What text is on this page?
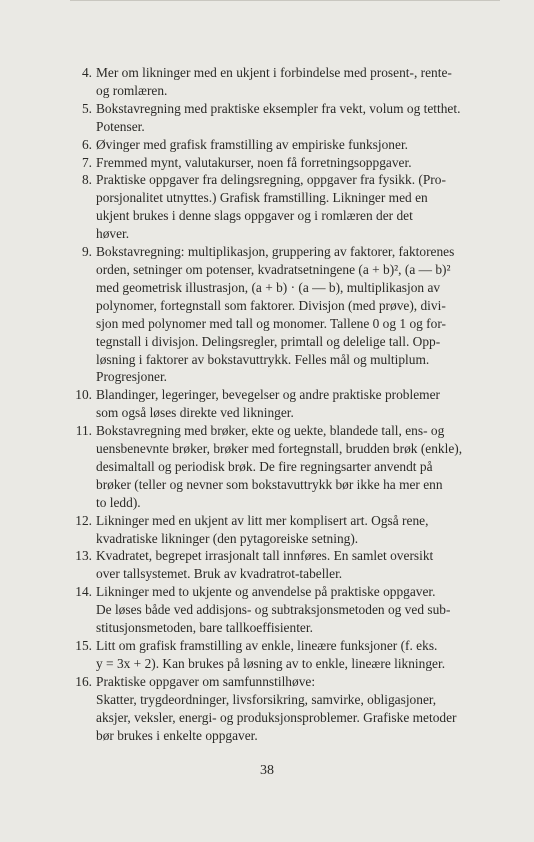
4. Mer om likninger med en ukjent i forbindelse med prosent-, rente-
og romlæren.
5. Bokstavregning med praktiske eksempler fra vekt, volum og tetthet.
Potenser.
6. Øvinger med grafisk framstilling av empiriske funksjoner.
7. Fremmed mynt, valutakurser, noen få forretningsoppgaver.
8. Praktiske oppgaver fra delingsregning, oppgaver fra fysikk. (Pro-
porsjonalitet utnyttes.) Grafisk framstilling. Likninger med en
ukjent brukes i denne slags oppgaver og i romlæren der det
høver.
9. Bokstavregning: multiplikasjon, gruppering av faktorer, faktorenes
orden, setninger om potenser, kvadratsetningene (a + b)², (a — b)²
med geometrisk illustrasjon, (a + b) · (a — b), multiplikasjon av
polynomer, fortegnstall som faktorer. Divisjon (med prøve), divi-
sjon med polynomer med tall og monomer. Tallene 0 og 1 og for-
tegnstall i divisjon. Delingsregler, primtall og delelige tall. Opp-
løsning i faktorer av bokstavuttrykk. Felles mål og multiplum.
Progresjoner.
10. Blandinger, legeringer, bevegelser og andre praktiske problemer
som også løses direkte ved likninger.
11. Bokstavregning med brøker, ekte og uekte, blandede tall, ens- og
uensbenevnte brøker, brøker med fortegnstall, brudden brøk (enkle),
desimaltall og periodisk brøk. De fire regningsarter anvendt på
brøker (teller og nevner som bokstavuttrykk bør ikke ha mer enn
to ledd).
12. Likninger med en ukjent av litt mer komplisert art. Også rene,
kvadratiske likninger (den pytagoreiske setning).
13. Kvadratet, begrepet irrasjonalt tall innføres. En samlet oversikt
over tallsystemet. Bruk av kvadratrot-tabeller.
14. Likninger med to ukjente og anvendelse på praktiske oppgaver.
De løses både ved addisjons- og subtraksjonsmetoden og ved sub-
stitusjonsmetoden, bare tallkoeffisienter.
15. Litt om grafisk framstilling av enkle, lineære funksjoner (f. eks.
y = 3x + 2). Kan brukes på løsning av to enkle, lineære likninger.
16. Praktiske oppgaver om samfunnstilhøve:
Skatter, trygdeordninger, livsforsikring, samvirke, obligasjoner,
aksjer, veksler, energi- og produksjonsproblemer. Grafiske metoder
bør brukes i enkelte oppgaver.
38
